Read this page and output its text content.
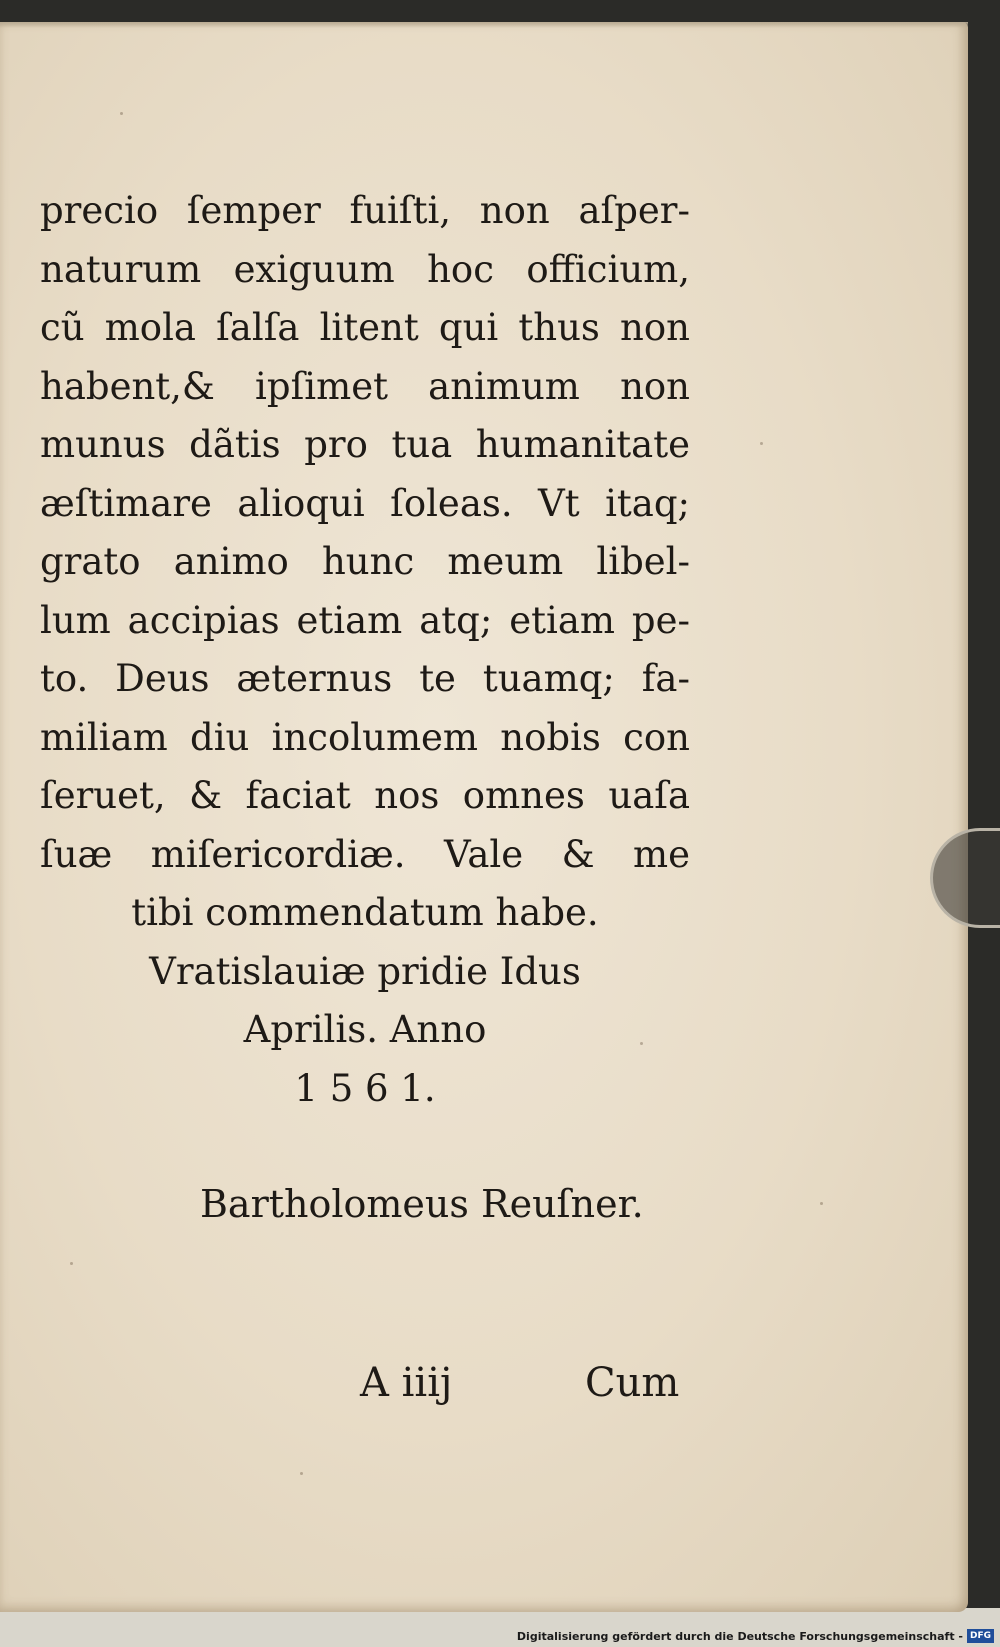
precio ſemper fuiſti, non aſper-
naturum exiguum hoc officium,
cũ mola ſalſa litent qui thus non
habent,& ipſimet animum non
munus dãtis pro tua humanitate
æſtimare alioqui ſoleas. Vt itaq;
grato animo hunc meum libel-
lum accipias etiam atq; etiam pe-
to. Deus æternus te tuamq; fa-
miliam diu incolumem nobis con
ſeruet, & faciat nos omnes uaſa
ſuæ miſericordiæ. Vale & me
tibi commendatum habe.
Vratislauiæ pridie Idus
Aprilis. Anno
1 5 6 1.
Bartholomeus Reuſner.
A iiij	Cum
Digitalisierung gefördert durch die Deutsche Forschungsgemeinschaft - DFG
